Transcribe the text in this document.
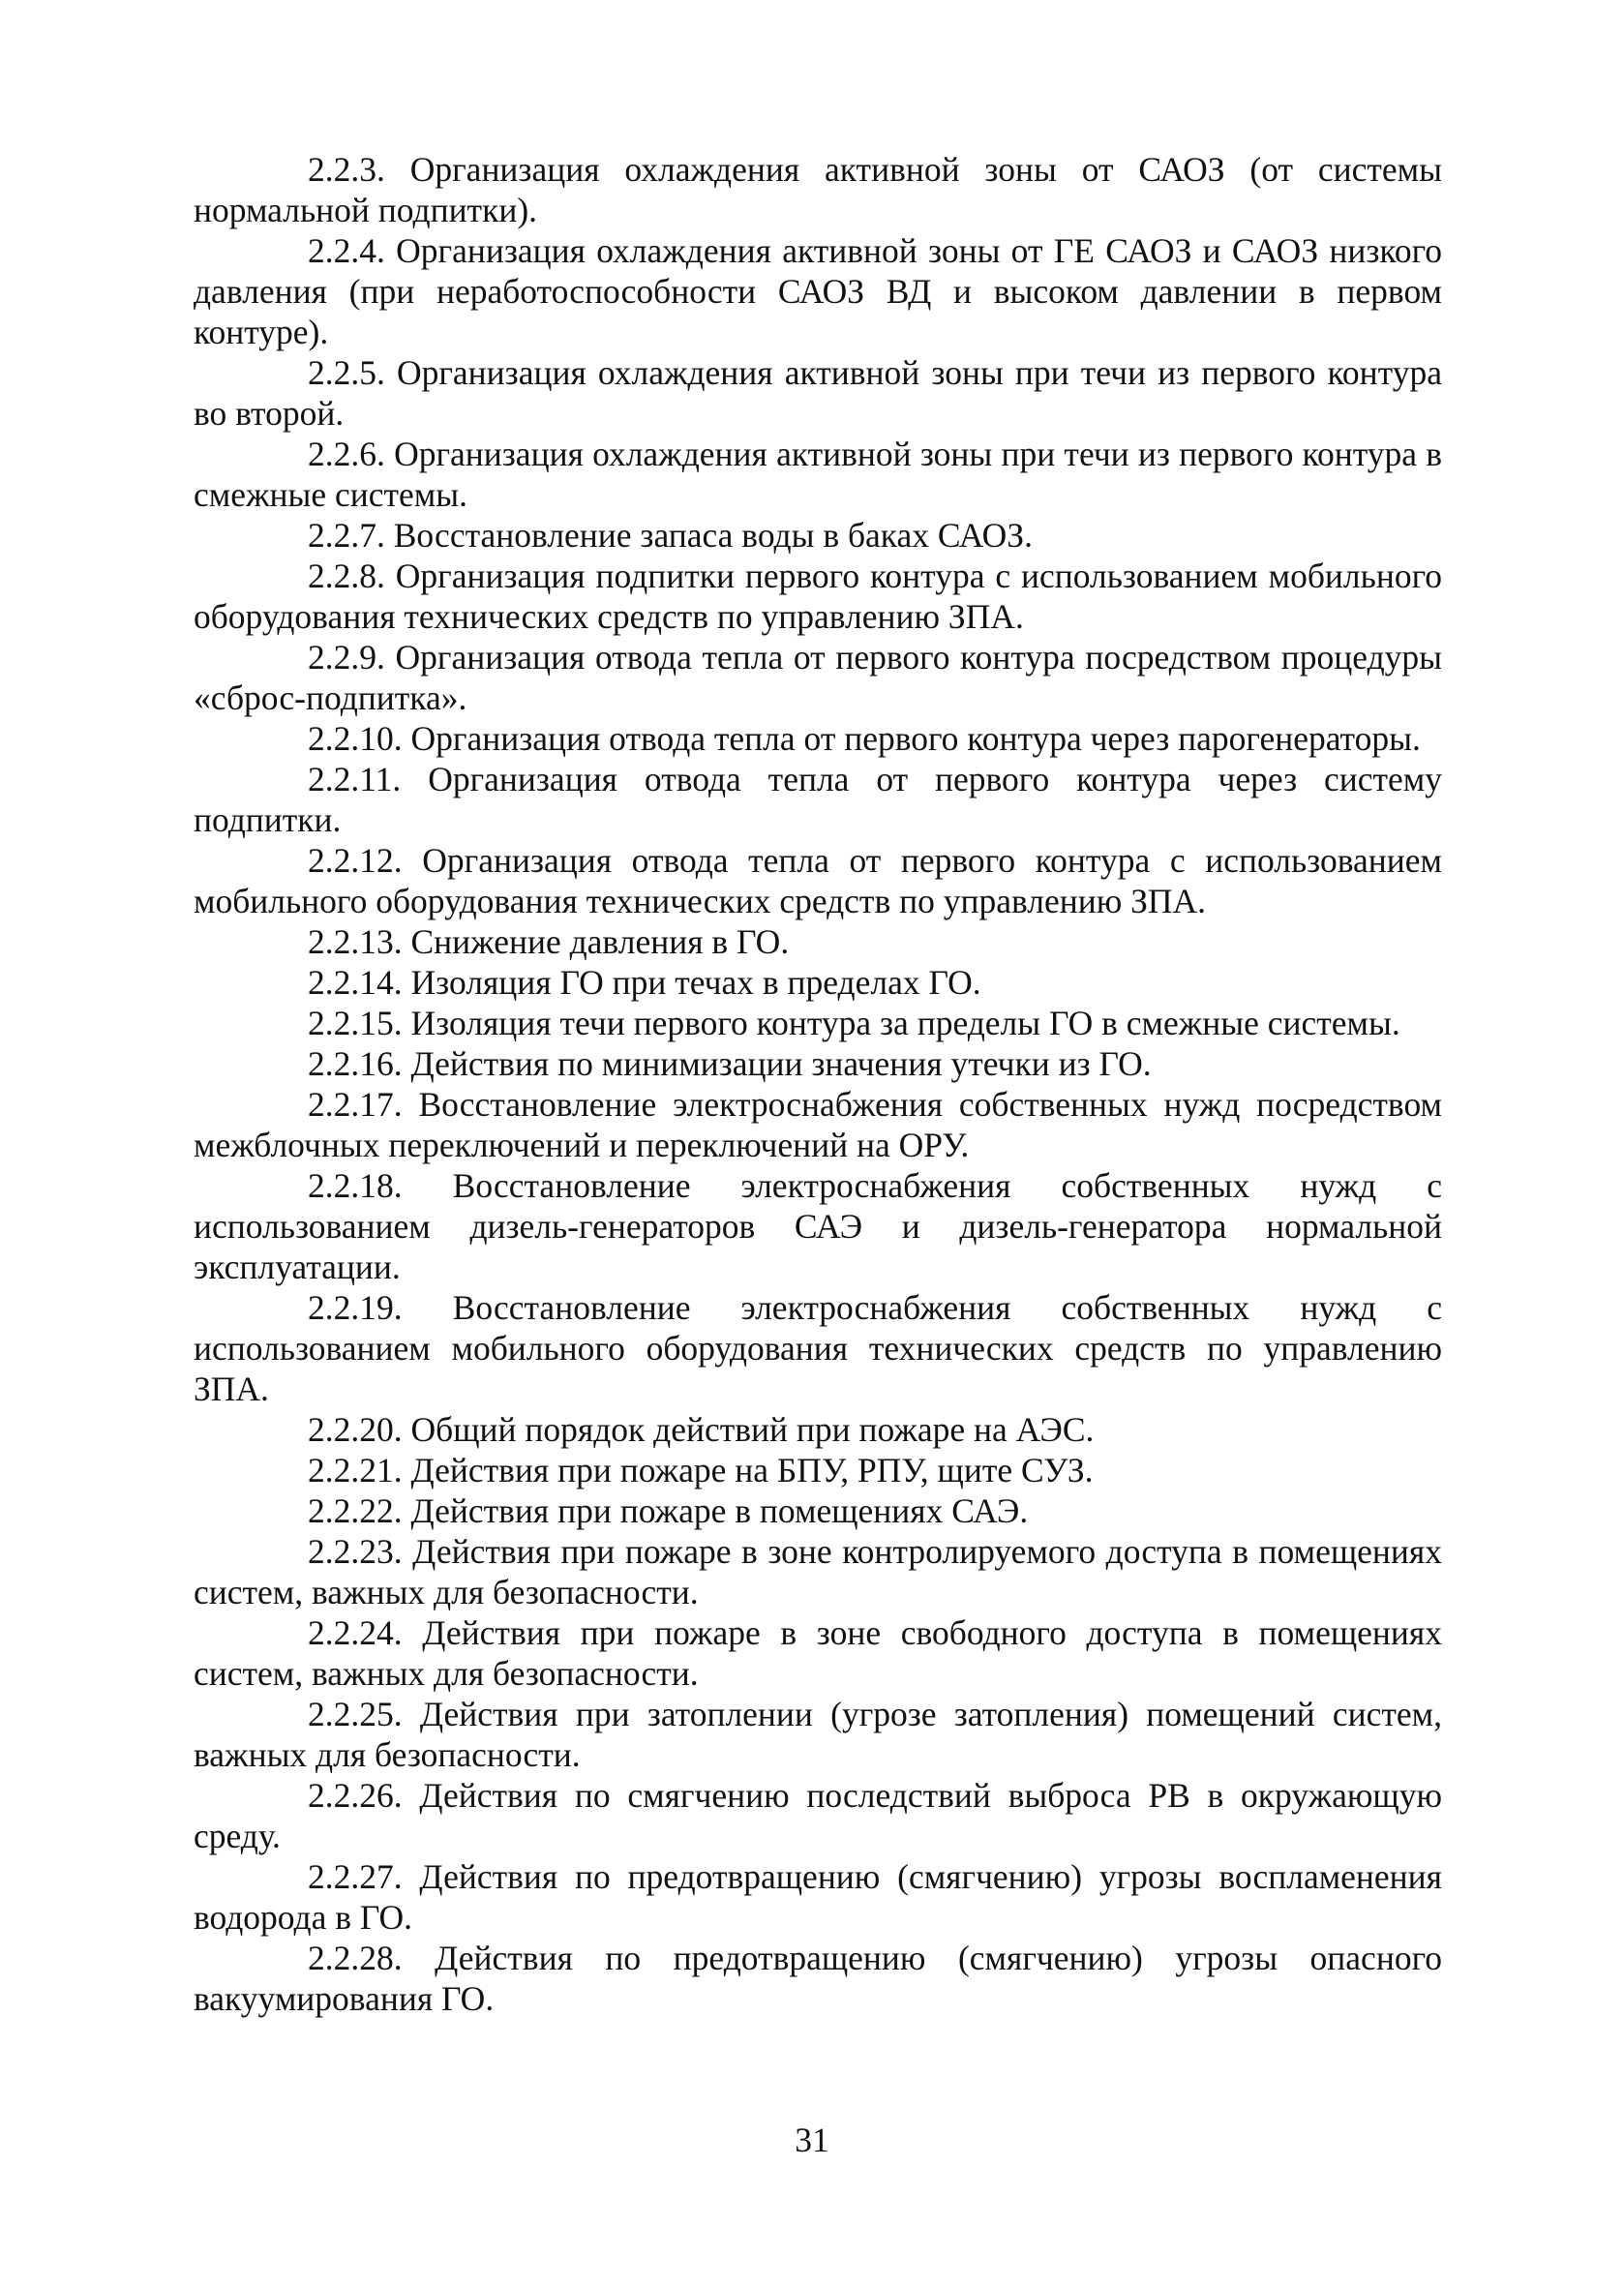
2.2.3. Организация охлаждения активной зоны от САОЗ (от системы нормальной подпитки).

2.2.4. Организация охлаждения активной зоны от ГЕ САОЗ и САОЗ низкого давления (при неработоспособности САОЗ ВД и высоком давлении в первом контуре).

2.2.5. Организация охлаждения активной зоны при течи из первого контура во второй.

2.2.6. Организация охлаждения активной зоны при течи из первого контура в смежные системы.

2.2.7. Восстановление запаса воды в баках САОЗ.

2.2.8. Организация подпитки первого контура с использованием мобильного оборудования технических средств по управлению ЗПА.

2.2.9. Организация отвода тепла от первого контура посредством процедуры «сброс-подпитка».

2.2.10. Организация отвода тепла от первого контура через парогенераторы.

2.2.11. Организация отвода тепла от первого контура через систему подпитки.

2.2.12. Организация отвода тепла от первого контура с использованием мобильного оборудования технических средств по управлению ЗПА.

2.2.13. Снижение давления в ГО.

2.2.14. Изоляция ГО при течах в пределах ГО.

2.2.15. Изоляция течи первого контура за пределы ГО в смежные системы.

2.2.16. Действия по минимизации значения утечки из ГО.

2.2.17. Восстановление электроснабжения собственных нужд посредством межблочных переключений и переключений на ОРУ.

2.2.18. Восстановление электроснабжения собственных нужд с использованием дизель-генераторов САЭ и дизель-генератора нормальной эксплуатации.

2.2.19. Восстановление электроснабжения собственных нужд с использованием мобильного оборудования технических средств по управлению ЗПА.

2.2.20. Общий порядок действий при пожаре на АЭС.

2.2.21. Действия при пожаре на БПУ, РПУ, щите СУЗ.

2.2.22. Действия при пожаре в помещениях САЭ.

2.2.23. Действия при пожаре в зоне контролируемого доступа в помещениях систем, важных для безопасности.

2.2.24. Действия при пожаре в зоне свободного доступа в помещениях систем, важных для безопасности.

2.2.25. Действия при затоплении (угрозе затопления) помещений систем, важных для безопасности.

2.2.26. Действия по смягчению последствий выброса РВ в окружающую среду.

2.2.27. Действия по предотвращению (смягчению) угрозы воспламенения водорода в ГО.

2.2.28. Действия по предотвращению (смягчению) угрозы опасного вакуумирования ГО.

31
